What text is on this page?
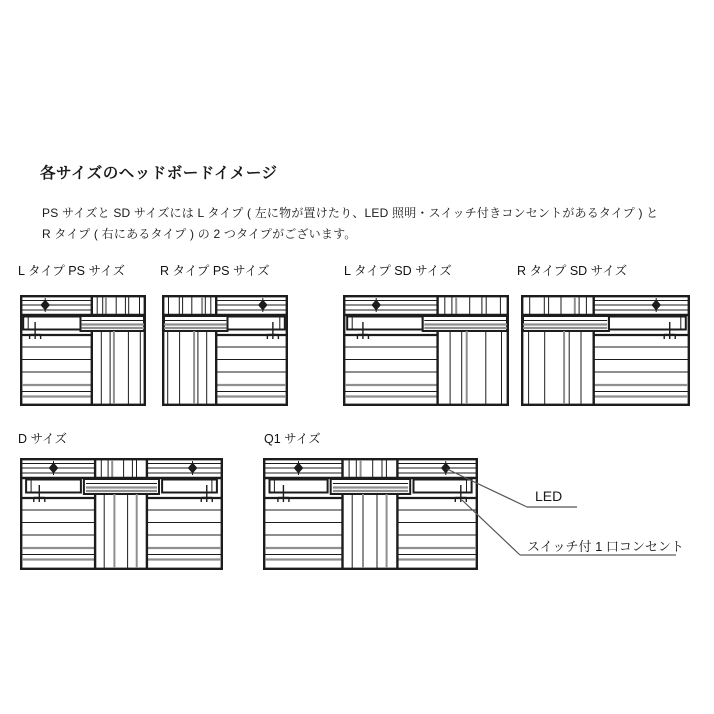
各サイズのヘッドボードイメージ
PS サイズと SD サイズには L タイプ ( 左に物が置けたり、LED 照明・スイッチ付きコンセントがあるタイプ ) と
R タイプ ( 右にあるタイプ ) の 2 つタイプがございます。
L タイプ PS サイズ	R タイプ PS サイズ	L タイプ SD サイズ	R タイプ SD サイズ
D サイズ	Q1 サイズ
LED
スイッチ付 1 口コンセント
